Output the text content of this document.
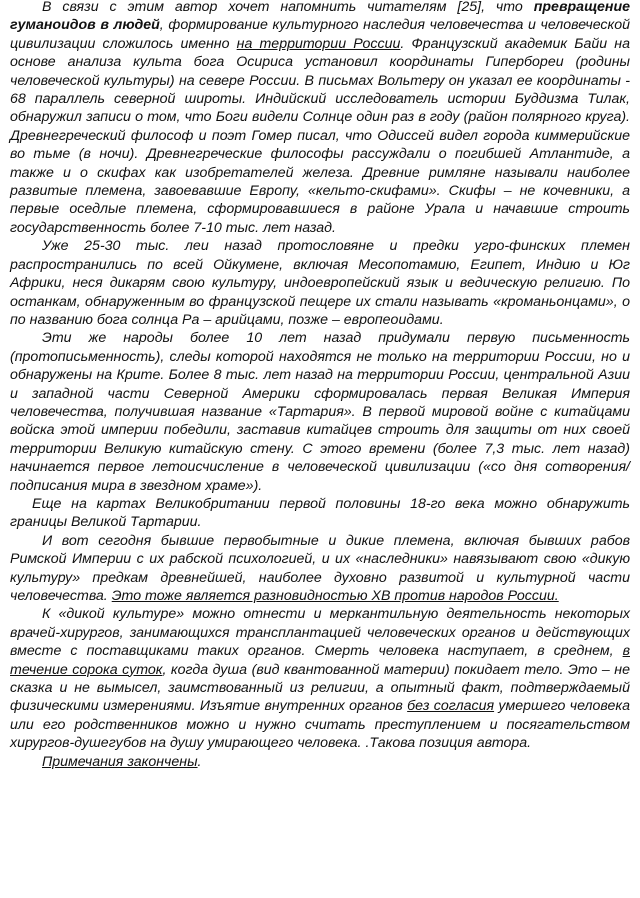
В связи с этим автор хочет напомнить читателям [25], что превращение гуманоидов в людей, формирование культурного наследия человечества и человеческой цивилизации сложилось именно на территории России. Французский академик Байи на основе анализа культа бога Осириса установил координаты Гипербореи (родины человеческой культуры) на севере России. В письмах Вольтеру он указал ее координаты - 68 параллель северной широты. Индийский исследователь истории Буддизма Тилак, обнаружил записи о том, что Боги видели Солнце один раз в году (район полярного круга). Древнегреческий философ и поэт Гомер писал, что Одиссей видел города киммерийские во тьме (в ночи). Древнегреческие философы рассуждали о погибшей Атлантиде, а также и о скифах как изобретателей железа. Древние римляне называли наиболее развитые племена, завоевавшие Европу, «кельто-скифами». Скифы – не кочевники, а первые оседлые племена, сформировавшиеся в районе Урала и начавшие строить государственность более 7-10 тыс. лет назад.

Уже 25-30 тыс. леи назад протословяне и предки угро-финских племен распространились по всей Ойкумене, включая Месопотамию, Египет, Индию и Юг Африки, неся дикарям свою культуру, индоевропейский язык и ведическую религию. По останкам, обнаруженным во французской пещере их стали называть «кроманьонцами», о по названию бога солнца Ра – арийцами, позже – европеоидами.

Эти же народы более 10 лет назад придумали первую письменность (протописьменность), следы которой находятся не только на территории России, но и обнаружены на Крите. Более 8 тыс. лет назад на территории России, центральной Азии и западной части Северной Америки сформировалась первая Великая Империя человечества, получившая название «Тартария». В первой мировой войне с китайцами войска этой империи победили, заставив китайцев строить для защиты от них своей территории Великую китайскую стену. С этого времени (более 7,3 тыс. лет назад) начинается первое летоисчисление в человеческой цивилизации («со дня сотворения/подписания мира в звездном храме»).

Еще на картах Великобритании первой половины 18-го века можно обнаружить границы Великой Тартарии.

И вот сегодня бывшие первобытные и дикие племена, включая бывших рабов Римской Империи с их рабской психологией, и их «наследники» навязывают свою «дикую культуру» предкам древнейшей, наиболее духовно развитой и культурной части человечества. Это тоже является разновидностью ХВ против народов России.

К «дикой культуре» можно отнести и меркантильную деятельность некоторых врачей-хирургов, занимающихся трансплантацией человеческих органов и действующих вместе с поставщиками таких органов. Смерть человека наступает, в среднем, в течение сорока суток, когда душа (вид квантованной материи) покидает тело. Это – не сказка и не вымысел, заимствованный из религии, а опытный факт, подтверждаемый физическими измерениями. Изъятие внутренних органов без согласия умершего человека или его родственников можно и нужно считать преступлением и посягательством хирургов-душегубов на душу умирающего человека. .Такова позиция автора.

Примечания закончены.
